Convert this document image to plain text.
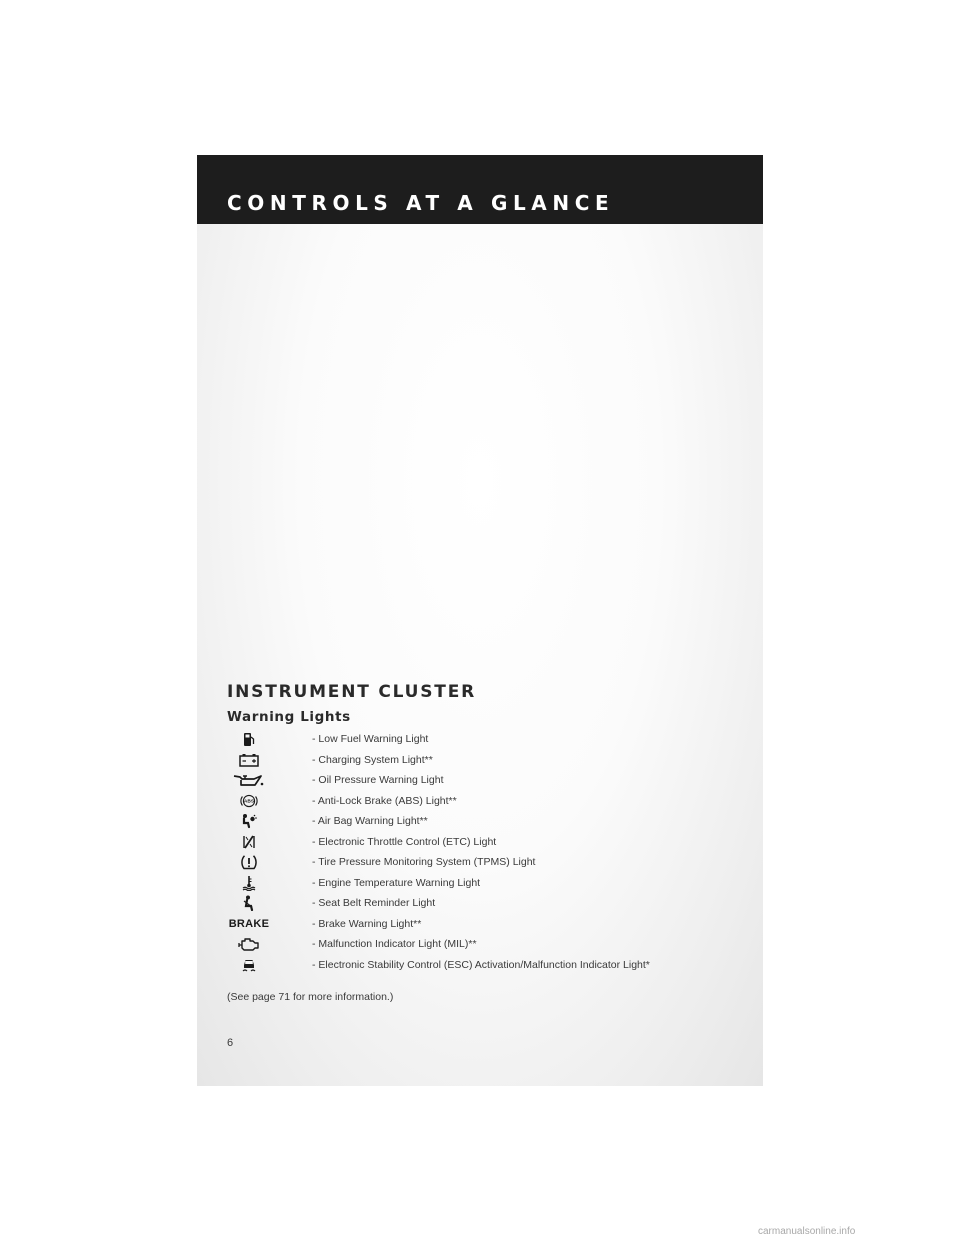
CONTROLS AT A GLANCE
INSTRUMENT CLUSTER
Warning Lights
- Low Fuel Warning Light
- Charging System Light**
- Oil Pressure Warning Light
ABS	- Anti-Lock Brake (ABS) Light**
- Air Bag Warning Light**
- Electronic Throttle Control (ETC) Light
- Tire Pressure Monitoring System (TPMS) Light
- Engine Temperature Warning Light
- Seat Belt Reminder Light
BRAKE	- Brake Warning Light**
- Malfunction Indicator Light (MIL)**
- Electronic Stability Control (ESC) Activation/Malfunction Indicator Light*
(See page 71 for more information.)
6
carmanualsonline.info
